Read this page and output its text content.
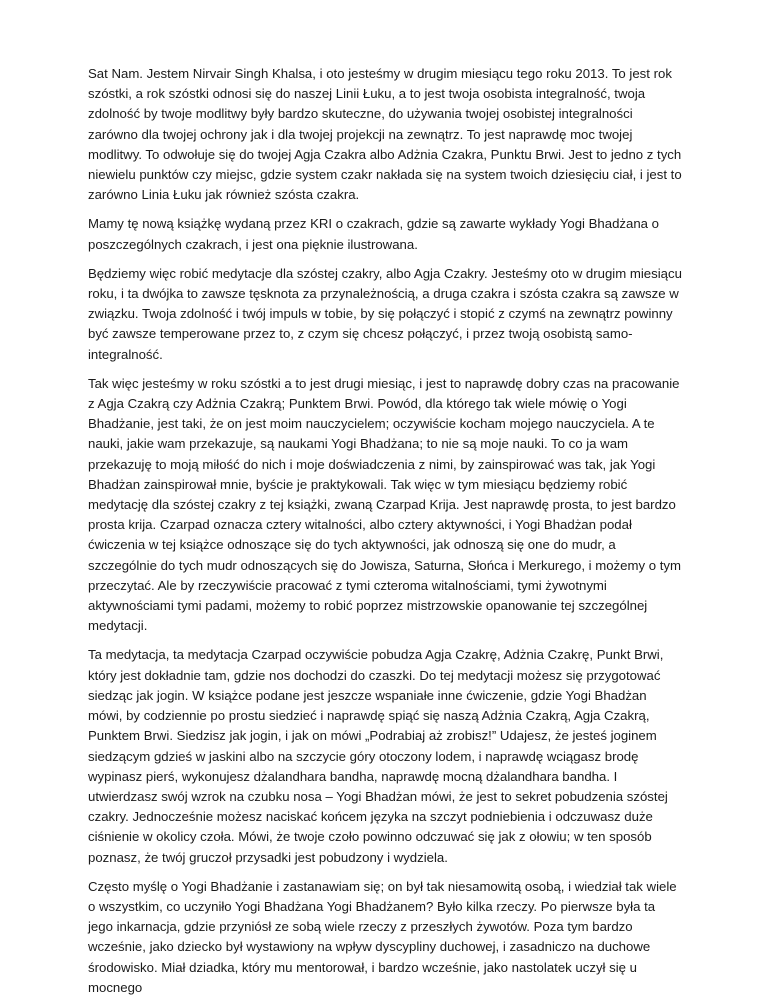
Sat Nam. Jestem Nirvair Singh Khalsa, i oto jesteśmy w drugim miesiącu tego roku 2013. To jest rok szóstki, a rok szóstki odnosi się do naszej Linii Łuku, a to jest twoja osobista integralność, twoja zdolność by twoje modlitwy były bardzo skuteczne, do używania twojej osobistej integralności zarówno dla twojej ochrony jak i dla twojej projekcji na zewnątrz. To jest naprawdę moc twojej modlitwy. To odwołuje się do twojej Agja Czakra albo Adżnia Czakra, Punktu Brwi. Jest to jedno z tych niewielu punktów czy miejsc, gdzie system czakr nakłada się na system twoich dziesięciu ciał, i jest to zarówno Linia Łuku jak również szósta czakra.

Mamy tę nową książkę wydaną przez KRI o czakrach, gdzie są zawarte wykłady Yogi Bhadżana o poszczególnych czakrach, i jest ona pięknie ilustrowana.

Będziemy więc robić medytacje dla szóstej czakry, albo Agja Czakry. Jesteśmy oto w drugim miesiącu roku, i ta dwójka to zawsze tęsknota za przynależnością, a druga czakra i szósta czakra są zawsze w związku. Twoja zdolność i twój impuls w tobie, by się połączyć i stopić z czymś na zewnątrz powinny być zawsze temperowane przez to, z czym się chcesz połączyć, i przez twoją osobistą samo-integralność.

Tak więc jesteśmy w roku szóstki a to jest drugi miesiąc, i jest to naprawdę dobry czas na pracowanie z Agja Czakrą czy Adżnia Czakrą; Punktem Brwi. Powód, dla którego tak wiele mówię o Yogi Bhadżanie, jest taki, że on jest moim nauczycielem; oczywiście kocham mojego nauczyciela. A te nauki, jakie wam przekazuje, są naukami Yogi Bhadżana; to nie są moje nauki. To co ja wam przekazuję to moją miłość do nich i moje doświadczenia z nimi, by zainspirować was tak, jak Yogi Bhadżan zainspirował mnie, byście je praktykowali. Tak więc w tym miesiącu będziemy robić medytację dla szóstej czakry z tej książki, zwaną Czarpad Krija. Jest naprawdę prosta, to jest bardzo prosta krija. Czarpad oznacza cztery witalności, albo cztery aktywności, i Yogi Bhadżan podał ćwiczenia w tej książce odnoszące się do tych aktywności, jak odnoszą się one do mudr, a szczególnie do tych mudr odnoszących się do Jowisza, Saturna, Słońca i Merkurego, i możemy o tym przeczytać. Ale by rzeczywiście pracować z tymi czteroma witalnościami, tymi żywotnymi aktywnościami tymi padami, możemy to robić poprzez mistrzowskie opanowanie tej szczególnej medytacji.

Ta medytacja, ta medytacja Czarpad oczywiście pobudza Agja Czakrę, Adżnia Czakrę, Punkt Brwi, który jest dokładnie tam, gdzie nos dochodzi do czaszki. Do tej medytacji możesz się przygotować siedząc jak jogin. W książce podane jest jeszcze wspaniałe inne ćwiczenie, gdzie Yogi Bhadżan mówi, by codziennie po prostu siedzieć i naprawdę spiąć się naszą Adżnia Czakrą, Agja Czakrą, Punktem Brwi. Siedzisz jak jogin, i jak on mówi „Podrabiaj aż zrobisz!” Udajesz, że jesteś joginem siedzącym gdzieś w jaskini albo na szczycie góry otoczony lodem, i naprawdę wciągasz brodę wypinasz pierś, wykonujesz dżalandhara bandha, naprawdę mocną dżalandhara bandha. I utwierdzasz swój wzrok na czubku nosa – Yogi Bhadżan mówi, że jest to sekret pobudzenia szóstej czakry. Jednocześnie możesz naciskać końcem języka na szczyt podniebienia i odczuwasz duże ciśnienie w okolicy czoła. Mówi, że twoje czoło powinno odczuwać się jak z ołowiu; w ten sposób poznasz, że twój gruczoł przysadki jest pobudzony i wydziela.

Często myślę o Yogi Bhadżanie i zastanawiam się; on był tak niesamowitą osobą, i wiedział tak wiele o wszystkim, co uczyniło Yogi Bhadżana Yogi Bhadżanem? Było kilka rzeczy. Po pierwsze była ta jego inkarnacja, gdzie przyniósł ze sobą wiele rzeczy z przeszłych żywotów. Poza tym bardzo wcześnie, jako dziecko był wystawiony na wpływ dyscypliny duchowej, i zasadniczo na duchowe środowisko. Miał dziadka, który mu mentorował, i bardzo wcześnie, jako nastolatek uczył się u mocnego
